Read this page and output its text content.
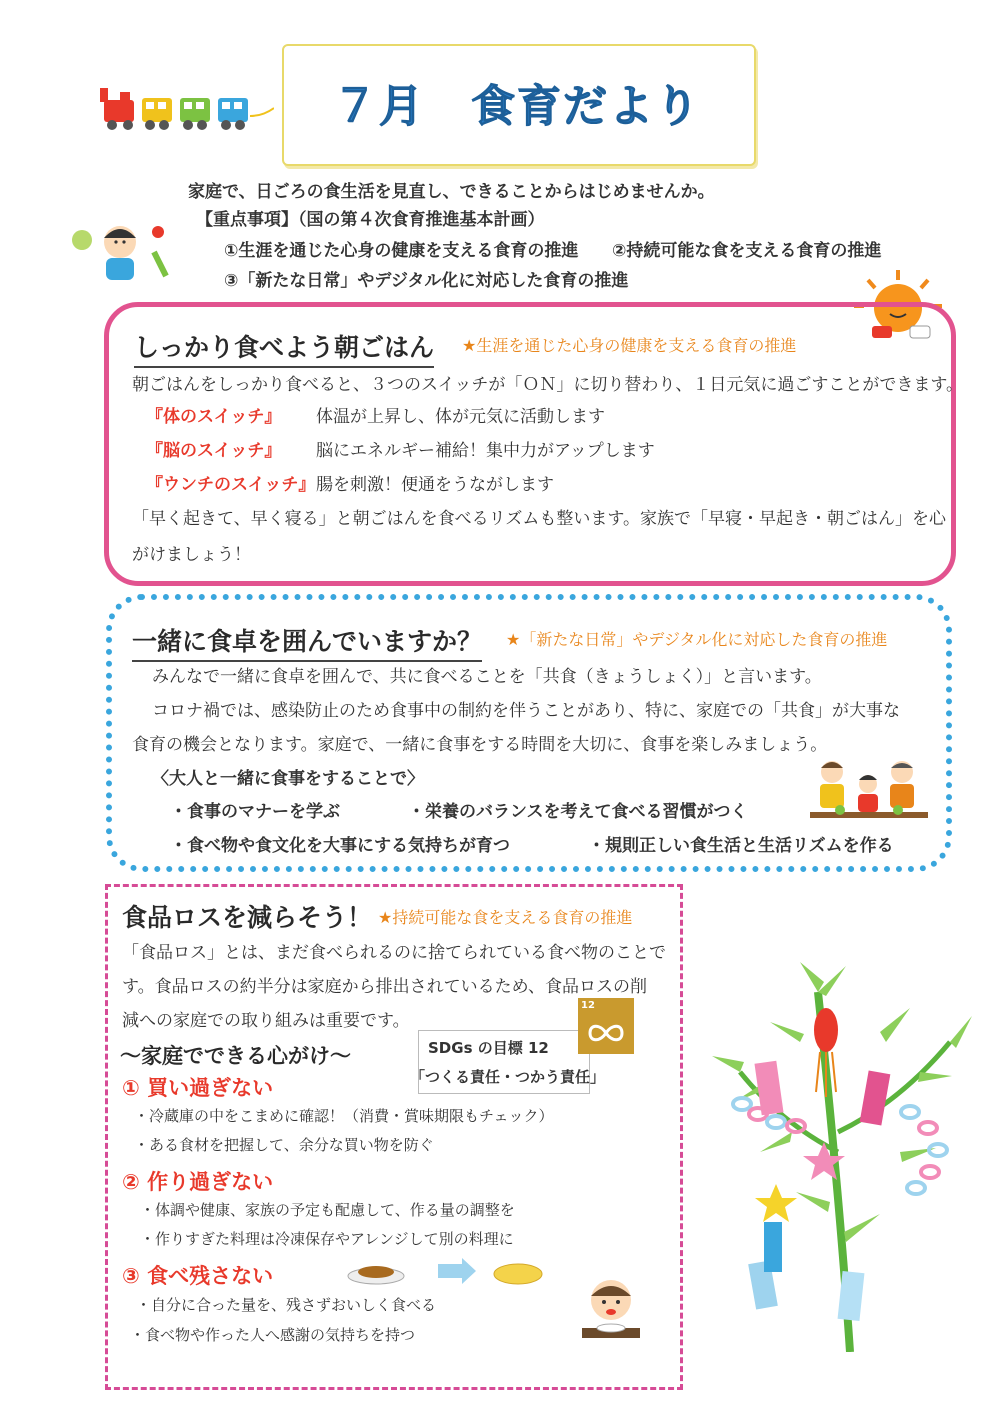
７月　食育だより
家庭で、日ごろの食生活を見直し、できることからはじめませんか。
【重点事項】（国の第４次食育推進基本計画）
①生涯を通じた心身の健康を支える食育の推進 ②持続可能な食を支える食育の推進
③「新たな日常」やデジタル化に対応した食育の推進
しっかり食べよう朝ごはん ★生涯を通じた心身の健康を支える食育の推進
朝ごはんをしっかり食べると、３つのスイッチが「ＯＮ」に切り替わり、１日元気に過ごすことができます。
『体のスイッチ』 体温が上昇し、体が元気に活動します
『脳のスイッチ』 脳にエネルギー補給！集中力がアップします
『ウンチのスイッチ』 腸を刺激！便通をうながします
「早く起きて、早く寝る」と朝ごはんを食べるリズムも整います。家族で「早寝・早起き・朝ごはん」を心
がけましょう！
一緒に食卓を囲んでいますか？ ★「新たな日常」やデジタル化に対応した食育の推進
みんなで一緒に食卓を囲んで、共に食べることを「共食（きょうしょく）」と言います。
コロナ禍では、感染防止のため食事中の制約を伴うことがあり、特に、家庭での「共食」が大事な
食育の機会となります。家庭で、一緒に食事をする時間を大切に、食事を楽しみましょう。
〈大人と一緒に食事をすることで〉
・食事のマナーを学ぶ	・栄養のバランスを考えて食べる習慣がつく
・食べ物や食文化を大事にする気持ちが育つ	・規則正しい食生活と生活リズムを作る
食品ロスを減らそう！ ★持続可能な食を支える食育の推進
「食品ロス」とは、まだ食べられるのに捨てられている食べ物のことで
す。食品ロスの約半分は家庭から排出されているため、食品ロスの削
減への家庭での取り組みは重要です。
～家庭でできる心がけ～	SDGs の目標 12
「つくる責任・つかう責任」
12
① 買い過ぎない
・冷蔵庫の中をこまめに確認！（消費・賞味期限もチェック）
・ある食材を把握して、余分な買い物を防ぐ
② 作り過ぎない
・体調や健康、家族の予定も配慮して、作る量の調整を
・作りすぎた料理は冷凍保存やアレンジして別の料理に
③ 食べ残さない
・自分に合った量を、残さずおいしく食べる
・食べ物や作った人へ感謝の気持ちを持つ
